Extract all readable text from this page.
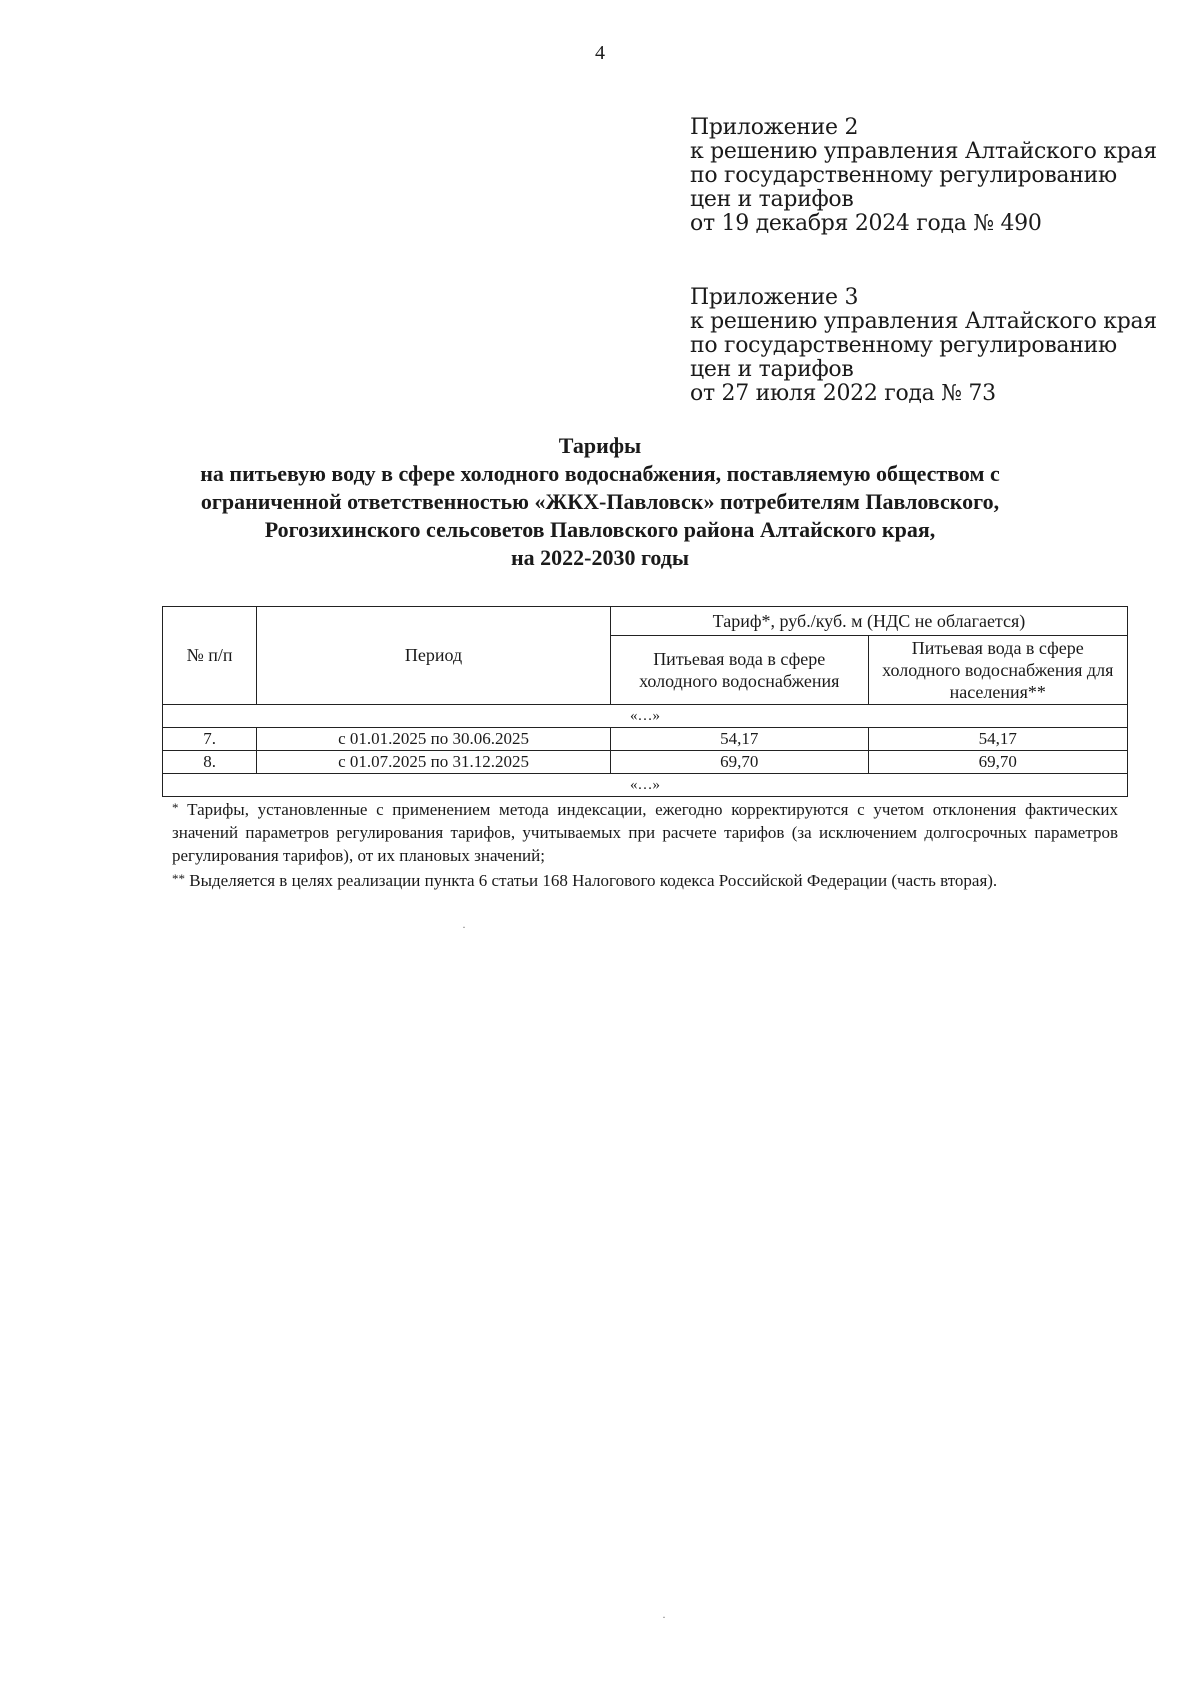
4
Приложение 2
к решению управления Алтайского края
по государственному регулированию
цен и тарифов
от 19 декабря 2024 года № 490
Приложение 3
к решению управления Алтайского края
по государственному регулированию
цен и тарифов
от 27 июля 2022 года № 73
Тарифы
на питьевую воду в сфере холодного водоснабжения, поставляемую обществом с
ограниченной ответственностью «ЖКХ-Павловск» потребителям Павловского,
Рогозихинского сельсоветов Павловского района Алтайского края,
на 2022-2030 годы
№ п/п	Период	Тариф*, руб./куб. м (НДС не облагается)	
		Питьевая вода в сфере холодного водоснабжения	Питьевая вода в сфере холодного водоснабжения для населения**
«…»			
7.	с 01.01.2025 по 30.06.2025	54,17	54,17
8.	с 01.07.2025 по 31.12.2025	69,70	69,70
«…»			

* Тарифы, установленные с применением метода индексации, ежегодно корректируются с учетом отклонения фактических значений параметров регулирования тарифов, учитываемых при расчете тарифов (за исключением долгосрочных параметров регулирования тарифов), от их плановых значений;

** Выделяется в целях реализации пункта 6 статьи 168 Налогового кодекса Российской Федерации (часть вторая).

·
·
